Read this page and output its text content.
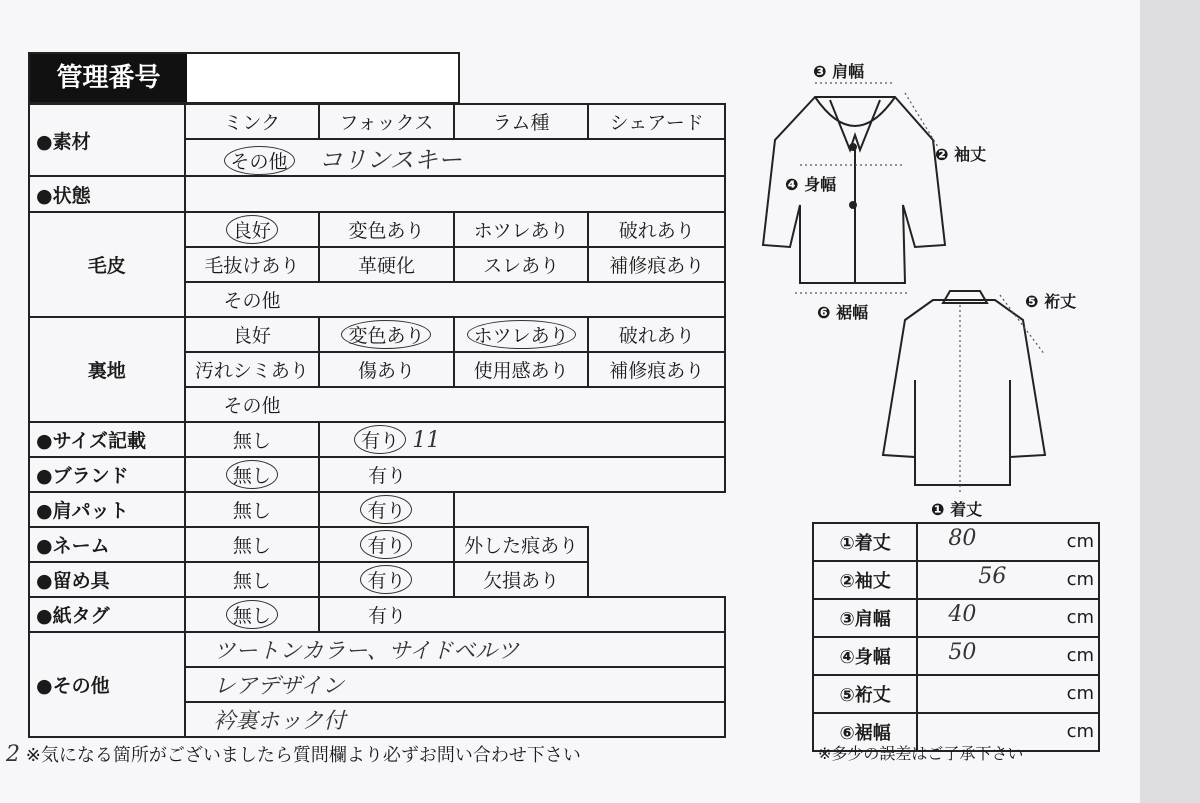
管理番号
●素材	ミンク	フォックス	ラム種	シェアード
	その他 コリンスキー			
●状態				
毛皮	良好	変色あり	ホツレあり	破れあり
	毛抜けあり	革硬化	スレあり	補修痕あり
	その他			
裏地	良好	変色あり	ホツレあり	破れあり
	汚れシミあり	傷あり	使用感あり	補修痕あり
	その他			
●サイズ記載	無し	有り 11		
●ブランド	無し	有り		
●肩パット	無し	有り		
●ネーム	無し	有り	外した痕あり	
●留め具	無し	有り	欠損あり	
●紙タグ	無し	有り		
●その他	ツートンカラー、サイドベルツ			
	レアデザイン			
	衿裏ホック付			
2 ※気になる箇所がございましたら質問欄より必ずお問い合わせ下さい
❸ 肩幅
❷ 袖丈
❹ 身幅
❻ 裾幅
❺ 裄丈
❶ 着丈
①着丈	80 cm

②袖丈	56 cm

③肩幅	40 cm

④身幅	50 cm

⑤裄丈	cm

⑥裾幅	cm
※多少の誤差はご了承下さい
